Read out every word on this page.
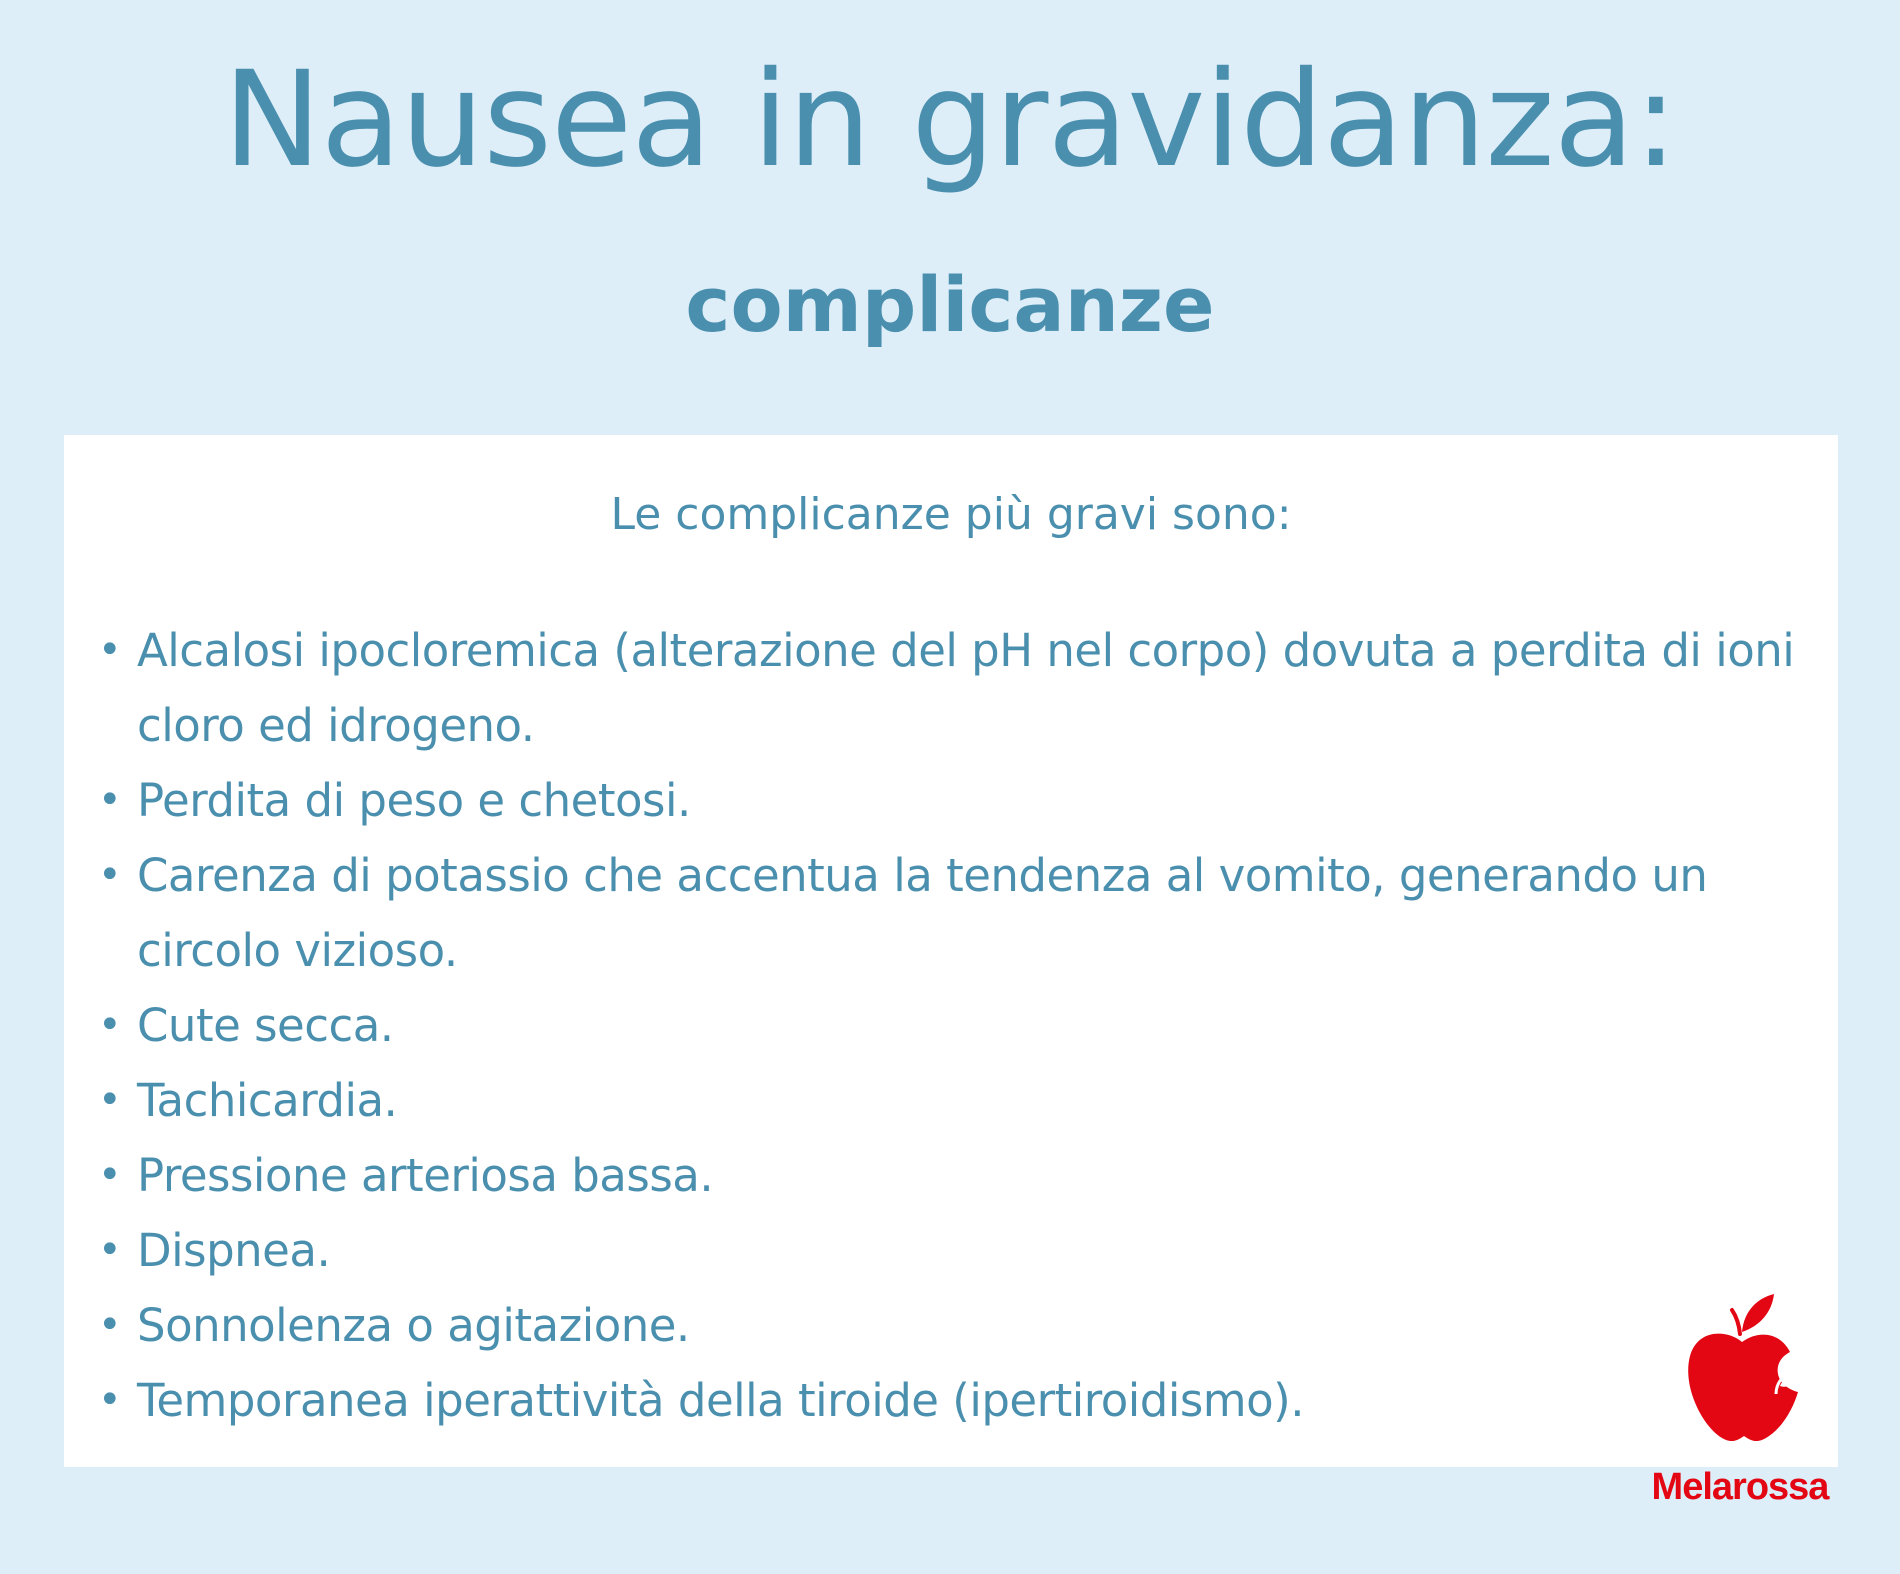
Nausea in gravidanza:
complicanze
Le complicanze più gravi sono:
• Alcalosi ipocloremica (alterazione del pH nel corpo) dovuta a perdita di ioni cloro ed idrogeno.
• Perdita di peso e chetosi.
• Carenza di potassio che accentua la tendenza al vomito, generando un circolo vizioso.
• Cute secca.
• Tachicardia.
• Pressione arteriosa bassa.
• Dispnea.
• Sonnolenza o agitazione.
• Temporanea iperattività della tiroide (ipertiroidismo).
Melarossa
